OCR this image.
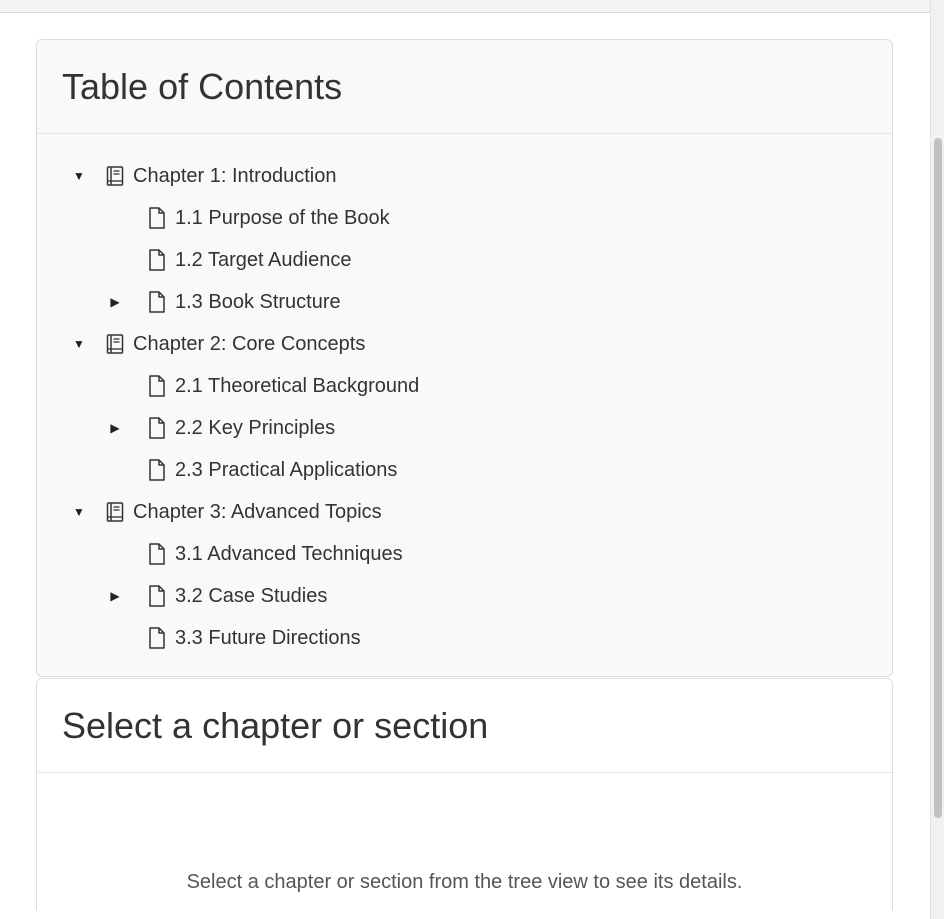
Table of Contents
▼ Chapter 1: Introduction
1.1 Purpose of the Book
1.2 Target Audience
▶	1.3 Book Structure
▼ Chapter 2: Core Concepts
2.1 Theoretical Background
▶	2.2 Key Principles
2.3 Practical Applications
▼ Chapter 3: Advanced Topics
3.1 Advanced Techniques
▶	3.2 Case Studies
3.3 Future Directions
Select a chapter or section
Select a chapter or section from the tree view to see its details.
